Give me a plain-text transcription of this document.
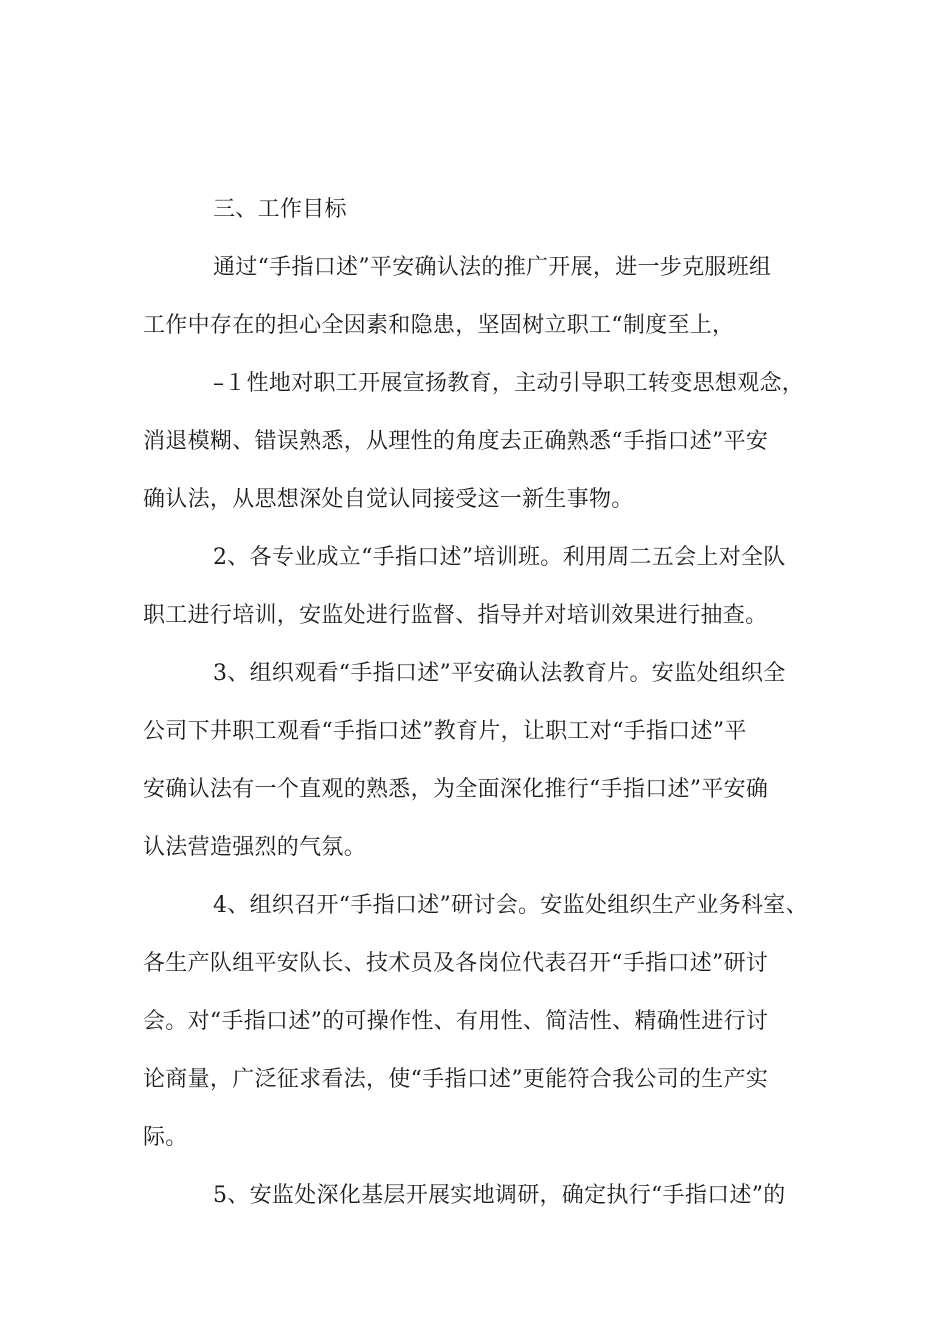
三、工作目标
通过“手指口述”平安确认法的推广开展，进一步克服班组
工作中存在的担心全因素和隐患，坚固树立职工“制度至上，
–１性地对职工开展宣扬教育，主动引导职工转变思想观念，
消退模糊、错误熟悉，从理性的角度去正确熟悉“手指口述”平安
确认法，从思想深处自觉认同接受这一新生事物。
2、各专业成立“手指口述”培训班。利用周二五会上对全队
职工进行培训，安监处进行监督、指导并对培训效果进行抽查。
3、组织观看“手指口述”平安确认法教育片。安监处组织全
公司下井职工观看“手指口述”教育片，让职工对“手指口述”平
安确认法有一个直观的熟悉，为全面深化推行“手指口述”平安确
认法营造强烈的气氛。
4、组织召开“手指口述”研讨会。安监处组织生产业务科室、
各生产队组平安队长、技术员及各岗位代表召开“手指口述”研讨
会。对“手指口述”的可操作性、有用性、简洁性、精确性进行讨
论商量，广泛征求看法，使“手指口述”更能符合我公司的生产实
际。
5、安监处深化基层开展实地调研，确定执行“手指口述”的
